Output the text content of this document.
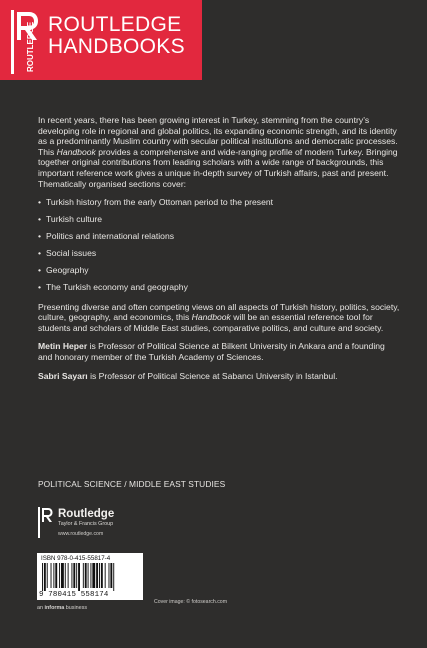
ROUTLEDGE ROUTLEDGE
HANDBOOKS

In recent years, there has been growing interest in Turkey, stemming from the country’s developing role in regional and global politics, its expanding economic strength, and its identity as a predominantly Muslim country with secular political institutions and democratic processes. This Handbook provides a comprehensive and wide-ranging profile of modern Turkey. Bringing together original contributions from leading scholars with a wide range of backgrounds, this important reference work gives a unique in-depth survey of Turkish affairs, past and present. Thematically organised sections cover:

• Turkish history from the early Ottoman period to the present
• Turkish culture
• Politics and international relations
• Social issues
• Geography
• The Turkish economy and geography

Presenting diverse and often competing views on all aspects of Turkish history, politics, society, culture, geography, and economics, this Handbook will be an essential reference tool for students and scholars of Middle East studies, comparative politics, and culture and society.

Metin Heper is Professor of Political Science at Bilkent University in Ankara and a founding and honorary member of the Turkish Academy of Sciences.

Sabri Sayarı is Professor of Political Science at Sabancı University in Istanbul.

POLITICAL SCIENCE / MIDDLE EAST STUDIES
Routledge
Taylor & Francis Group
www.routledge.com
ISBN 978-0-415-55817-4
9 780415 558174
an informa business
Cover image: © fotosearch.com
